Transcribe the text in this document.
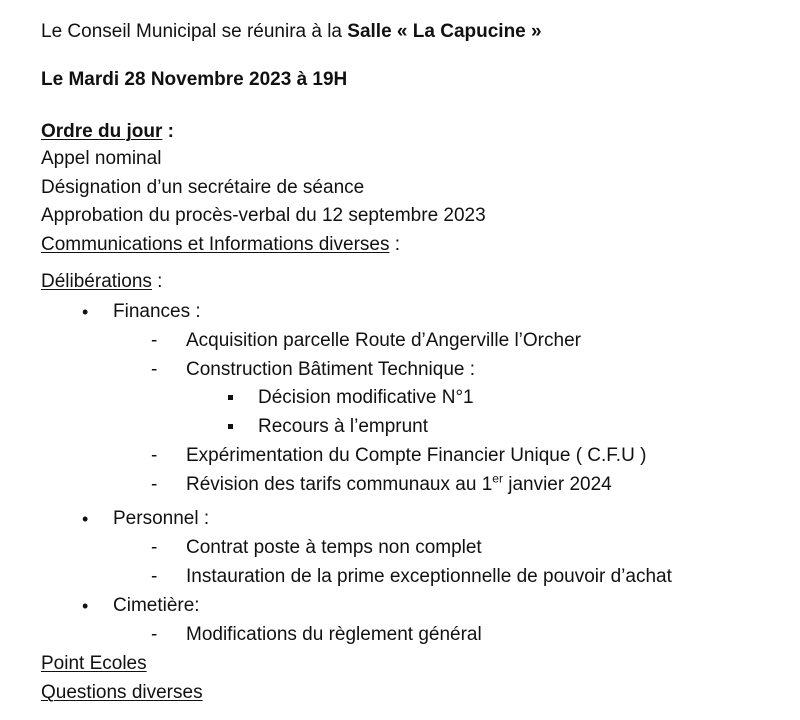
Le Conseil Municipal se réunira à la Salle « La Capucine »
Le Mardi 28 Novembre 2023 à 19H
Ordre du jour :
Appel nominal
Désignation d’un secrétaire de séance
Approbation du procès-verbal du 12 septembre 2023
Communications et Informations diverses :
Délibérations :
• Finances :
- Acquisition parcelle Route d’Angerville l’Orcher
- Construction Bâtiment Technique :
Décision modificative N°1
Recours à l’emprunt
- Expérimentation du Compte Financier Unique ( C.F.U )
- Révision des tarifs communaux au 1er janvier 2024
• Personnel :
- Contrat poste à temps non complet
- Instauration de la prime exceptionnelle de pouvoir d’achat
• Cimetière:
- Modifications du règlement général
Point Ecoles
Questions diverses
